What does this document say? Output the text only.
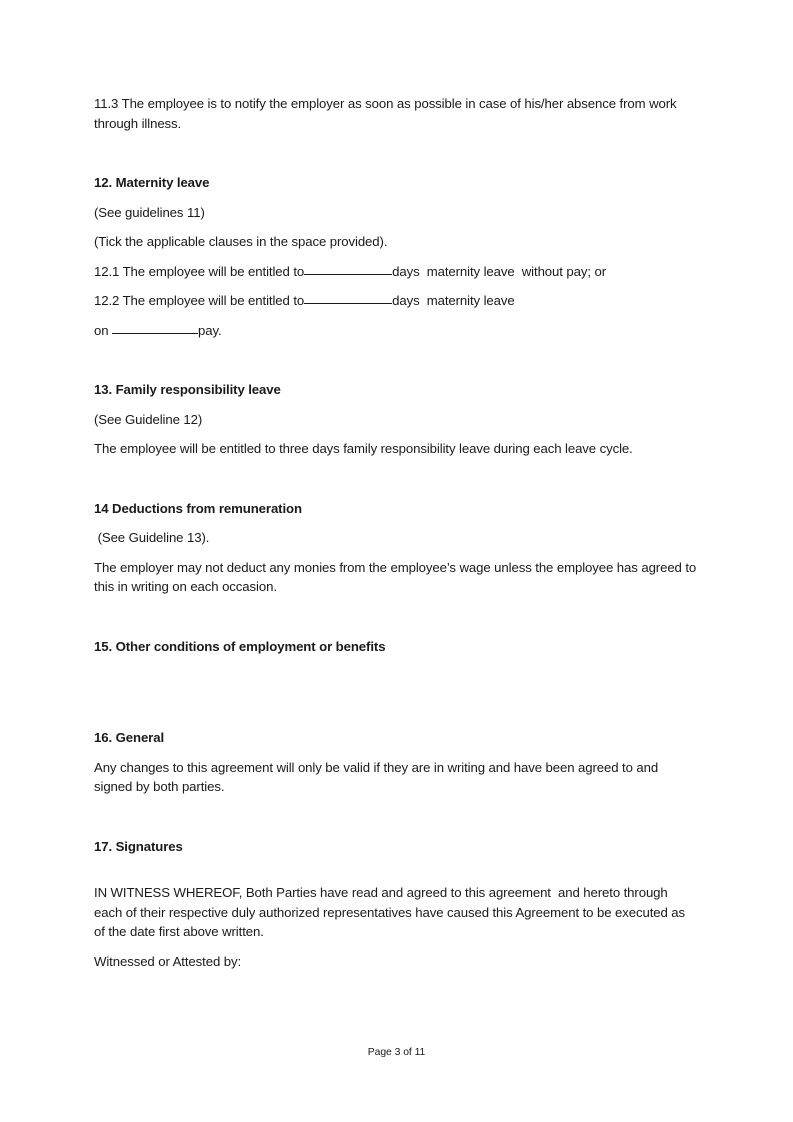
11.3 The employee is to notify the employer as soon as possible in case of his/her absence from work through illness.

12. Maternity leave

(See guidelines 11)

(Tick the applicable clauses in the space provided).

12.1 The employee will be entitled to	days  maternity leave  without pay; or

12.2 The employee will be entitled to	days  maternity leave

on	pay.

13. Family responsibility leave

(See Guideline 12)

The employee will be entitled to three days family responsibility leave during each leave cycle.

14 Deductions from remuneration

(See Guideline 13).

The employer may not deduct any monies from the employee’s wage unless the employee has agreed to this in writing on each occasion.

15. Other conditions of employment or benefits

16. General

Any changes to this agreement will only be valid if they are in writing and have been agreed to and signed by both parties.

17. Signatures

IN WITNESS WHEREOF, Both Parties have read and agreed to this agreement  and hereto through each of their respective duly authorized representatives have caused this Agreement to be executed as of the date first above written.

Witnessed or Attested by:

Page 3 of 11
